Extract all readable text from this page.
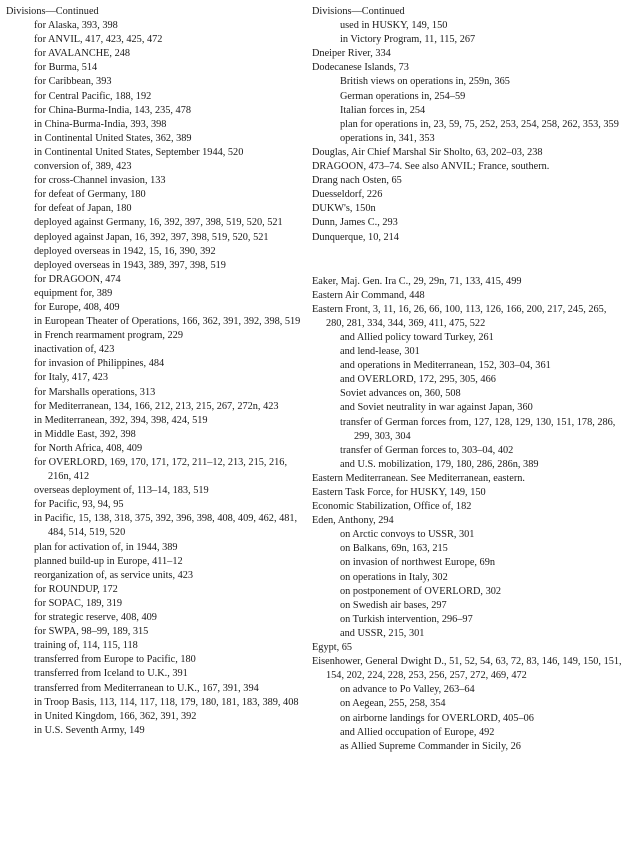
Divisions—Continued
for Alaska, 393, 398
for ANVIL, 417, 423, 425, 472
for AVALANCHE, 248
for Burma, 514
for Caribbean, 393
for Central Pacific, 188, 192
for China-Burma-India, 143, 235, 478
in China-Burma-India, 393, 398
in Continental United States, 362, 389
in Continental United States, September 1944, 520
conversion of, 389, 423
for cross-Channel invasion, 133
for defeat of Germany, 180
for defeat of Japan, 180
deployed against Germany, 16, 392, 397, 398, 519, 520, 521
deployed against Japan, 16, 392, 397, 398, 519, 520, 521
deployed overseas in 1942, 15, 16, 390, 392
deployed overseas in 1943, 389, 397, 398, 519
for DRAGOON, 474
equipment for, 389
for Europe, 408, 409
in European Theater of Operations, 166, 362, 391, 392, 398, 519
in French rearmament program, 229
inactivation of, 423
for invasion of Philippines, 484
for Italy, 417, 423
for Marshalls operations, 313
for Mediterranean, 134, 166, 212, 213, 215, 267, 272n, 423
in Mediterranean, 392, 394, 398, 424, 519
in Middle East, 392, 398
for North Africa, 408, 409
for OVERLORD, 169, 170, 171, 172, 211–12, 213, 215, 216, 216n, 412
overseas deployment of, 113–14, 183, 519
for Pacific, 93, 94, 95
in Pacific, 15, 138, 318, 375, 392, 396, 398, 408, 409, 462, 481, 484, 514, 519, 520
plan for activation of, in 1944, 389
planned build-up in Europe, 411–12
reorganization of, as service units, 423
for ROUNDUP, 172
for SOPAC, 189, 319
for strategic reserve, 408, 409
for SWPA, 98–99, 189, 315
training of, 114, 115, 118
transferred from Europe to Pacific, 180
transferred from Iceland to U.K., 391
transferred from Mediterranean to U.K., 167, 391, 394
in Troop Basis, 113, 114, 117, 118, 179, 180, 181, 183, 389, 408
in United Kingdom, 166, 362, 391, 392
in U.S. Seventh Army, 149
Divisions—Continued
used in HUSKY, 149, 150
in Victory Program, 11, 115, 267
Dneiper River, 334
Dodecanese Islands, 73
British views on operations in, 259n, 365
German operations in, 254–59
Italian forces in, 254
plan for operations in, 23, 59, 75, 252, 253, 254, 258, 262, 353, 359
operations in, 341, 353
Douglas, Air Chief Marshal Sir Sholto, 63, 202–03, 238
DRAGOON, 473–74. See also ANVIL; France, southern.
Drang nach Osten, 65
Duesseldorf, 226
DUKW's, 150n
Dunn, James C., 293
Dunquerque, 10, 214
Eaker, Maj. Gen. Ira C., 29, 29n, 71, 133, 415, 499
Eastern Air Command, 448
Eastern Front, 3, 11, 16, 26, 66, 100, 113, 126, 166, 200, 217, 245, 265, 280, 281, 334, 344, 369, 411, 475, 522
and Allied policy toward Turkey, 261
and lend-lease, 301
and operations in Mediterranean, 152, 303–04, 361
and OVERLORD, 172, 295, 305, 466
Soviet advances on, 360, 508
and Soviet neutrality in war against Japan, 360
transfer of German forces from, 127, 128, 129, 130, 151, 178, 286, 299, 303, 304
transfer of German forces to, 303–04, 402
and U.S. mobilization, 179, 180, 286, 286n, 389
Eastern Mediterranean. See Mediterranean, eastern.
Eastern Task Force, for HUSKY, 149, 150
Economic Stabilization, Office of, 182
Eden, Anthony, 294
on Arctic convoys to USSR, 301
on Balkans, 69n, 163, 215
on invasion of northwest Europe, 69n
on operations in Italy, 302
on postponement of OVERLORD, 302
on Swedish air bases, 297
on Turkish intervention, 296–97
and USSR, 215, 301
Egypt, 65
Eisenhower, General Dwight D., 51, 52, 54, 63, 72, 83, 146, 149, 150, 151, 154, 202, 224, 228, 253, 256, 257, 272, 469, 472
on advance to Po Valley, 263–64
on Aegean, 255, 258, 354
on airborne landings for OVERLORD, 405–06
and Allied occupation of Europe, 492
as Allied Supreme Commander in Sicily, 26
